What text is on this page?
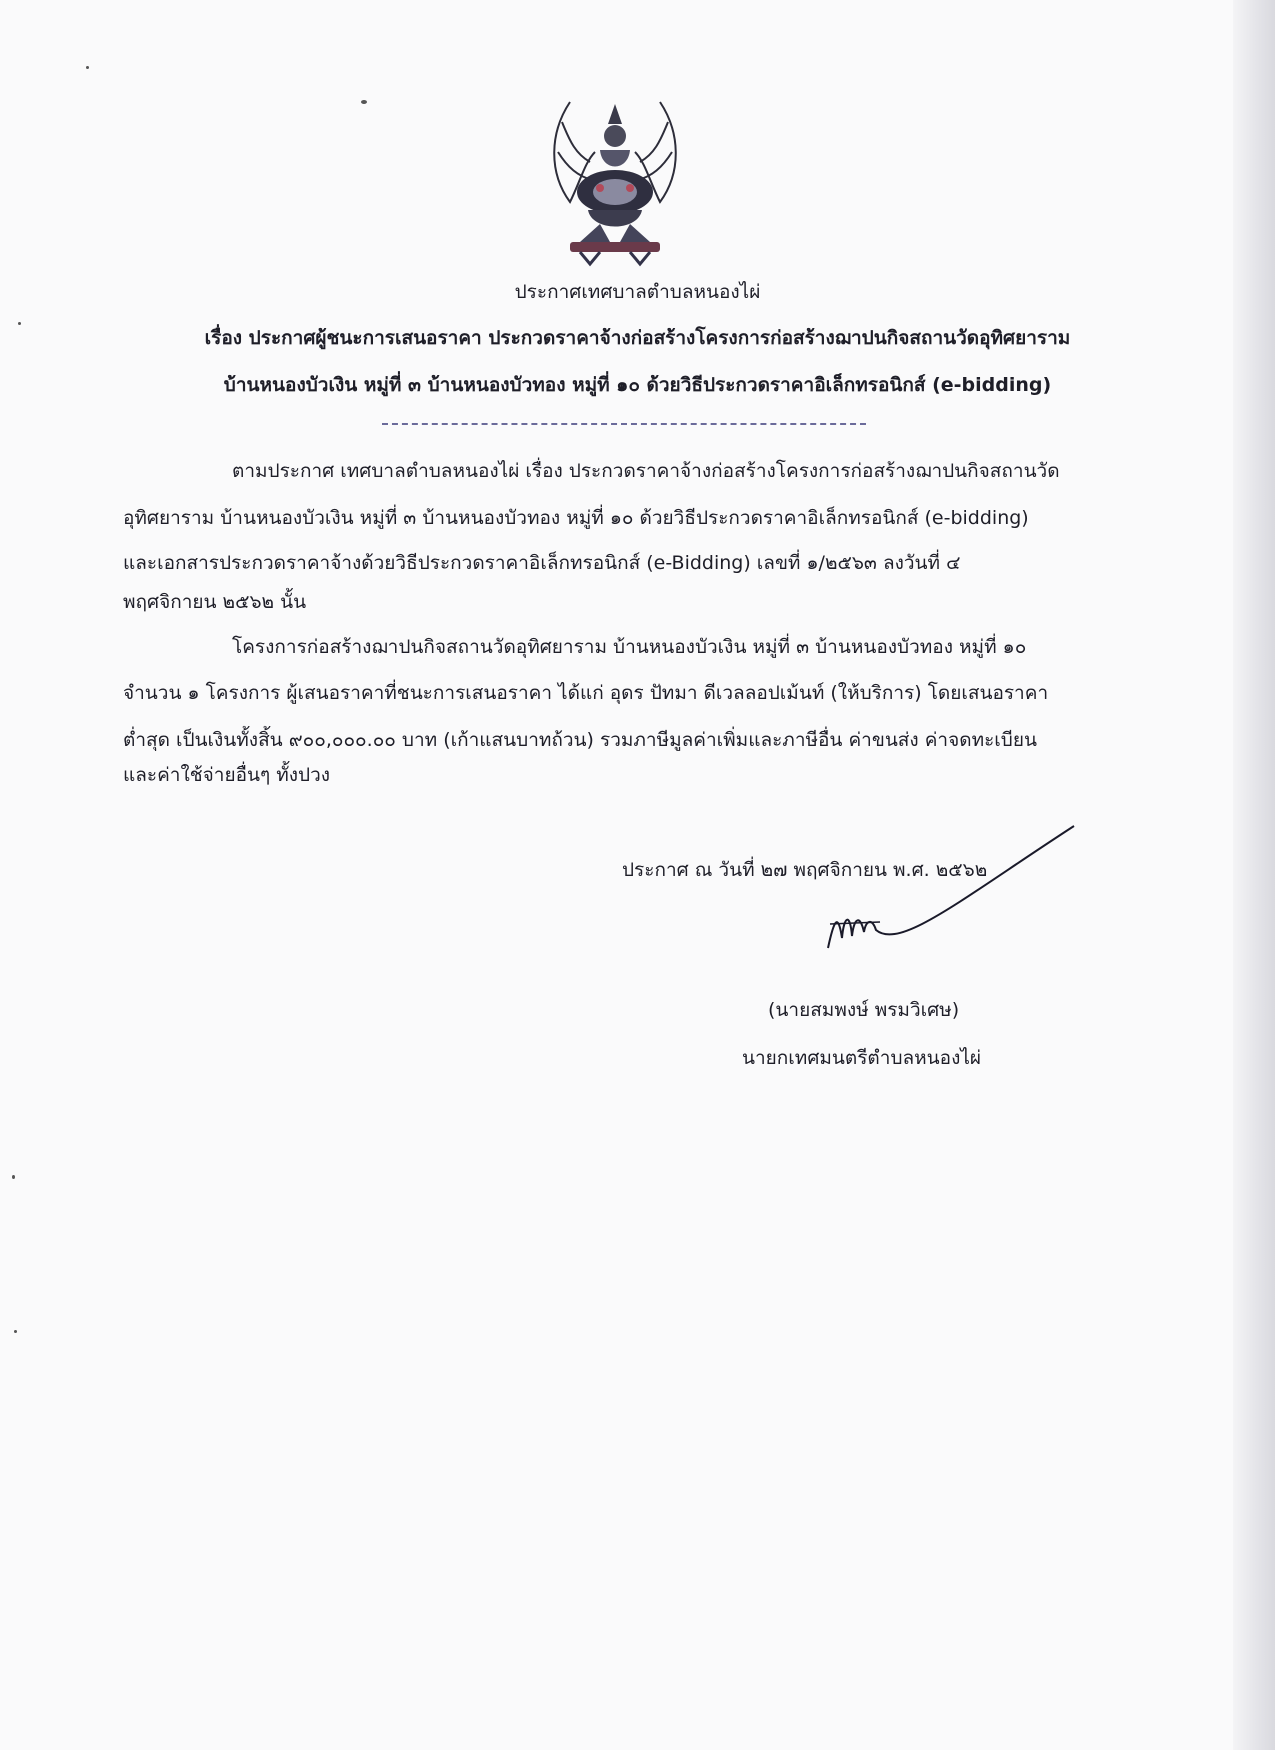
ประกาศเทศบาลตำบลหนองไผ่
เรื่อง ประกาศผู้ชนะการเสนอราคา ประกวดราคาจ้างก่อสร้างโครงการก่อสร้างฌาปนกิจสถานวัดอุทิศยาราม
บ้านหนองบัวเงิน หมู่ที่ ๓ บ้านหนองบัวทอง หมู่ที่ ๑๐ ด้วยวิธีประกวดราคาอิเล็กทรอนิกส์ (e-bidding)
ตามประกาศ เทศบาลตำบลหนองไผ่ เรื่อง ประกวดราคาจ้างก่อสร้างโครงการก่อสร้างฌาปนกิจสถานวัด
อุทิศยาราม บ้านหนองบัวเงิน หมู่ที่ ๓ บ้านหนองบัวทอง หมู่ที่ ๑๐ ด้วยวิธีประกวดราคาอิเล็กทรอนิกส์ (e-bidding)
และเอกสารประกวดราคาจ้างด้วยวิธีประกวดราคาอิเล็กทรอนิกส์ (e-Bidding) เลขที่ ๑/๒๕๖๓ ลงวันที่ ๔
พฤศจิกายน ๒๕๖๒ นั้น
โครงการก่อสร้างฌาปนกิจสถานวัดอุทิศยาราม บ้านหนองบัวเงิน หมู่ที่ ๓ บ้านหนองบัวทอง หมู่ที่ ๑๐
จำนวน ๑ โครงการ ผู้เสนอราคาที่ชนะการเสนอราคา ได้แก่ อุดร ปัทมา ดีเวลลอปเม้นท์ (ให้บริการ) โดยเสนอราคา
ต่ำสุด เป็นเงินทั้งสิ้น ๙๐๐,๐๐๐.๐๐ บาท (เก้าแสนบาทถ้วน) รวมภาษีมูลค่าเพิ่มและภาษีอื่น ค่าขนส่ง ค่าจดทะเบียน
และค่าใช้จ่ายอื่นๆ ทั้งปวง
ประกาศ ณ วันที่ ๒๗ พฤศจิกายน พ.ศ. ๒๕๖๒
(นายสมพงษ์ พรมวิเศษ)
นายกเทศมนตรีตำบลหนองไผ่
